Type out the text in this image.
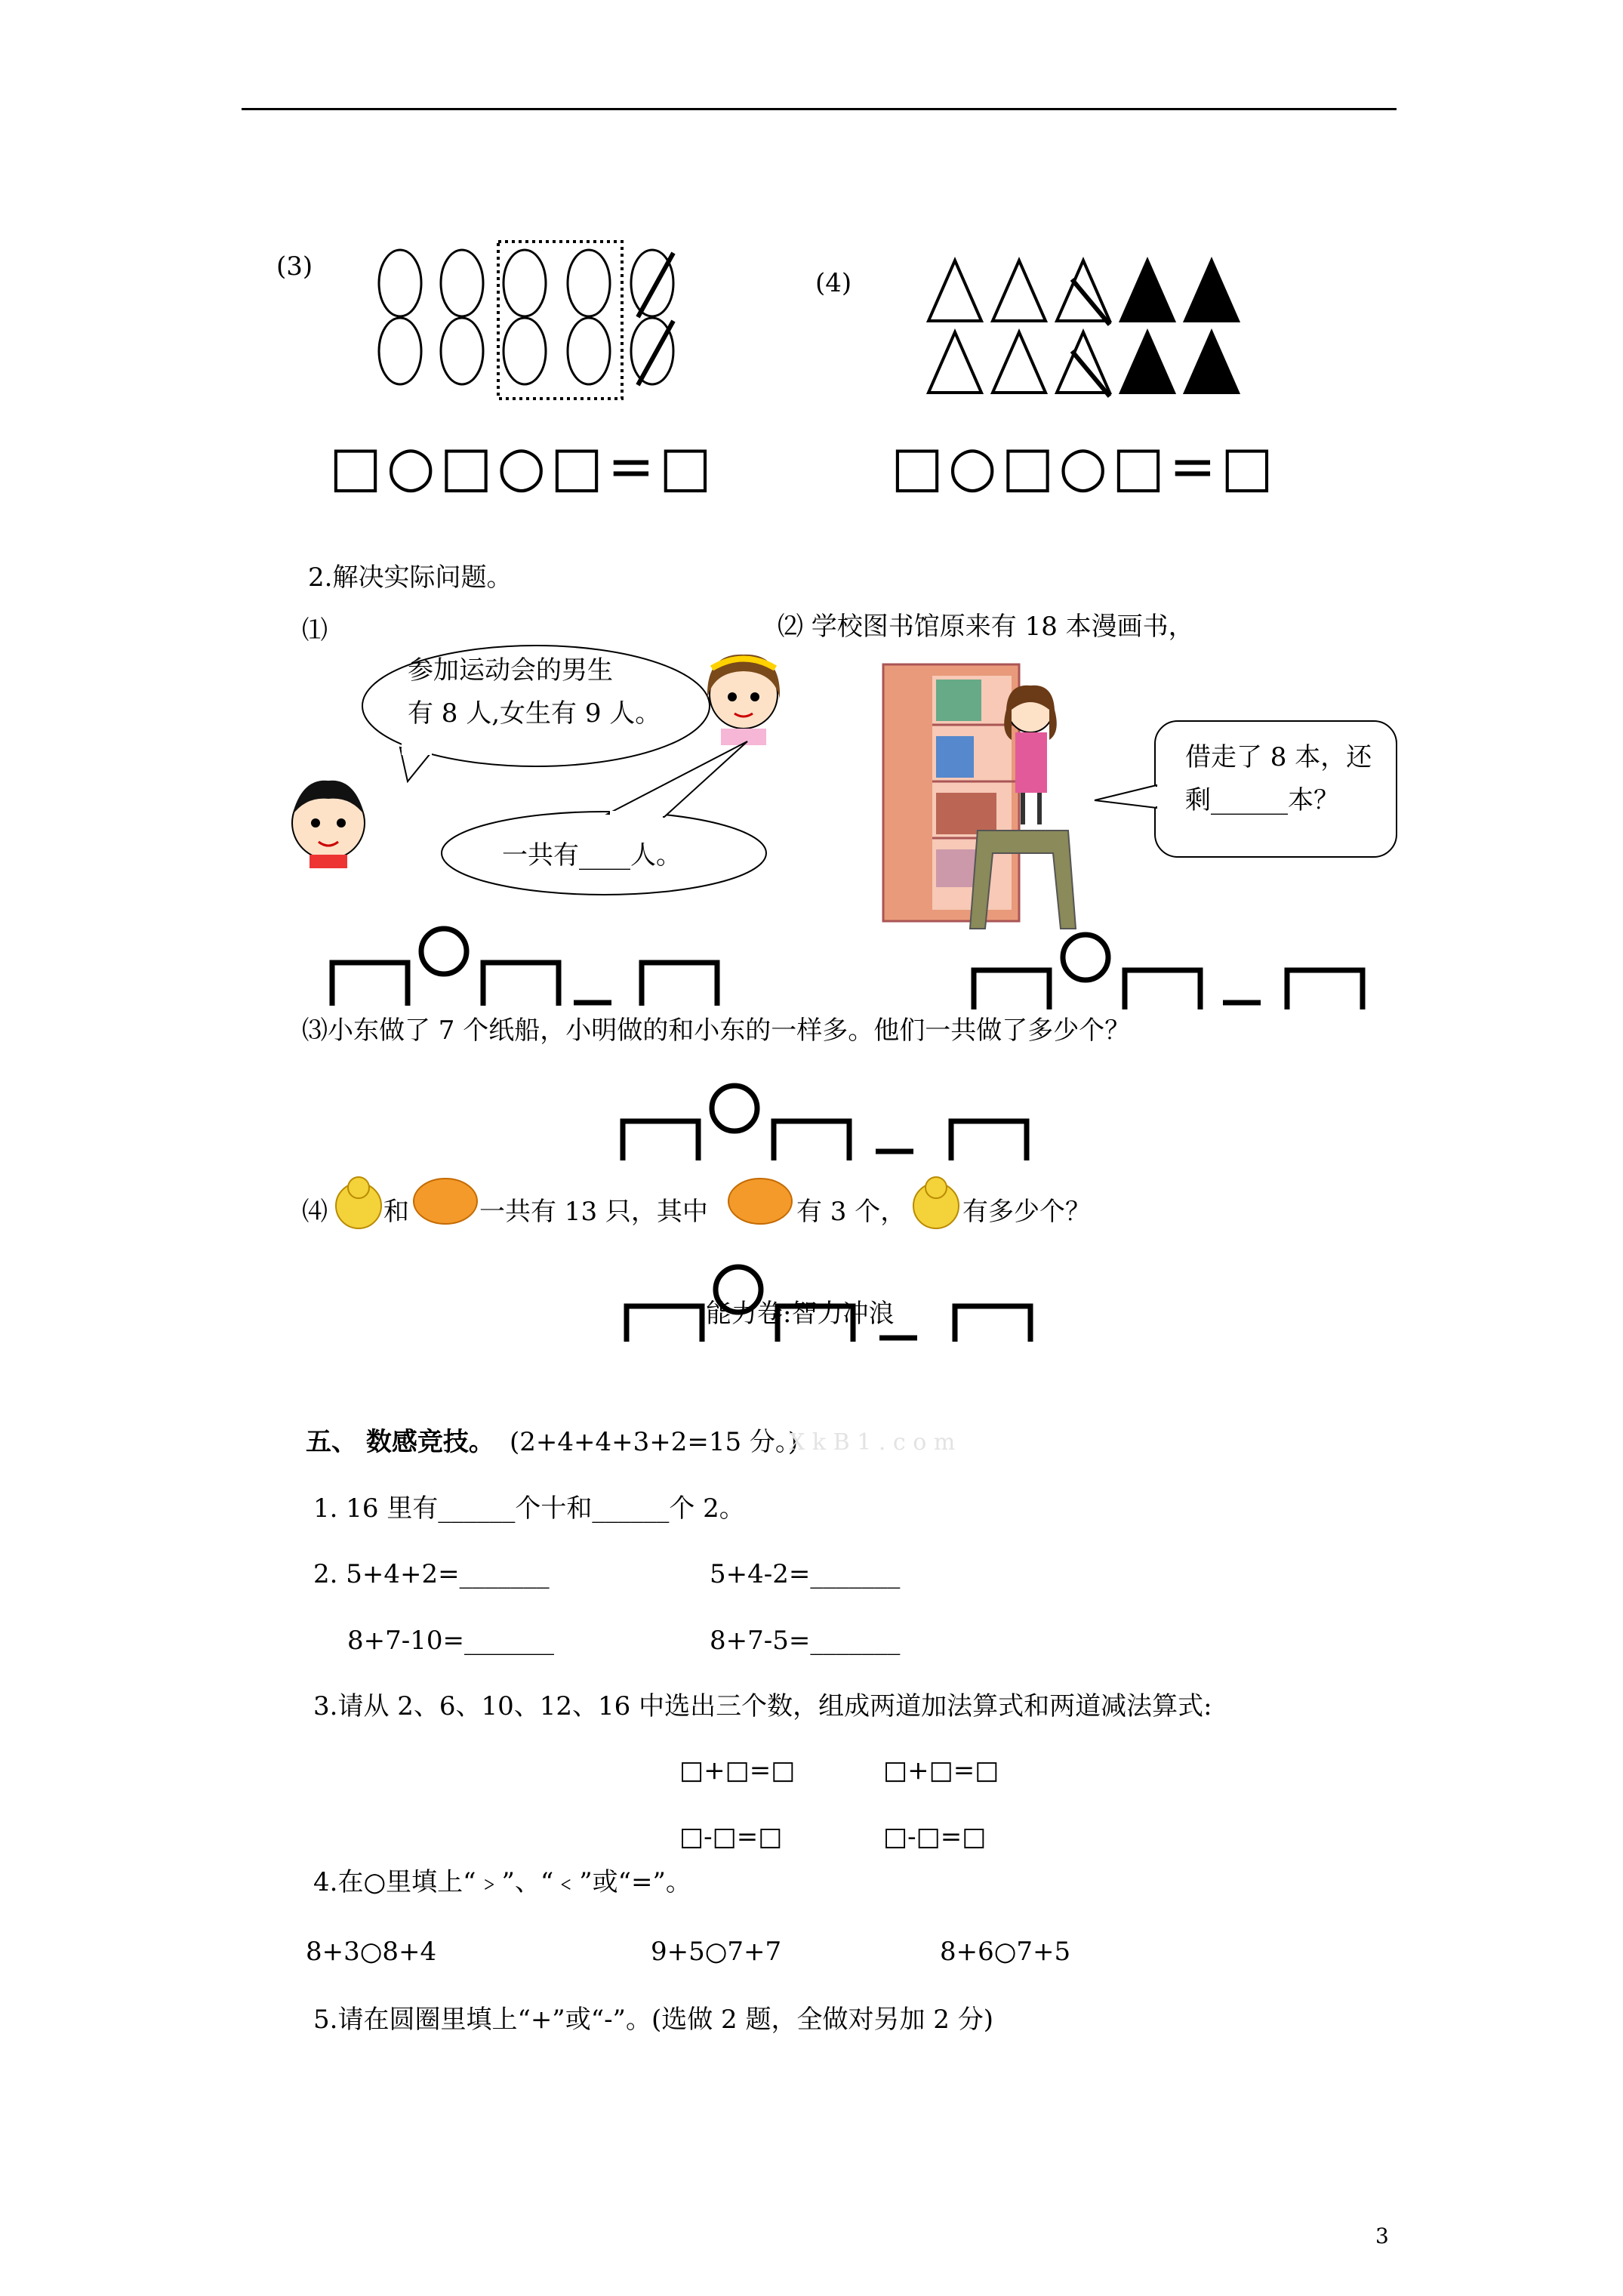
(3)
□○□○□=□
(4)
□○□○□=□
2.解决实际问题。
⑴
参加运动会的男生
有 8 人,女生有 9 人。
一共有____人。
⑵ 学校图书馆原来有 18 本漫画书，
借走了 8 本，还
剩______本？
⑶小东做了 7 个纸船，小明做的和小东的一样多。他们一共做了多少个？
⑷ 和	一共有 13 只，其中	有 3 个， 有多少个？
能力卷:智力冲浪
五、 数感竞技。 (2+4+4+3+2=15 分。)
X k B 1 . c o m
1. 16 里有______个十和______个 2。
2. 5+4+2=_______	5+4-2=_______
8+7-10=_______	8+7-5=_______
3.请从 2、6、10、12、16 中选出三个数，组成两道加法算式和两道减法算式:
□+□=□	□+□=□
□-□=□	□-□=□
4.在○里填上“﹥”、“﹤”或“=”。
8+3○8+4	9+5○7+7	8+6○7+5
5.请在圆圈里填上“+”或“-”。(选做 2 题，全做对另加 2 分)
3
